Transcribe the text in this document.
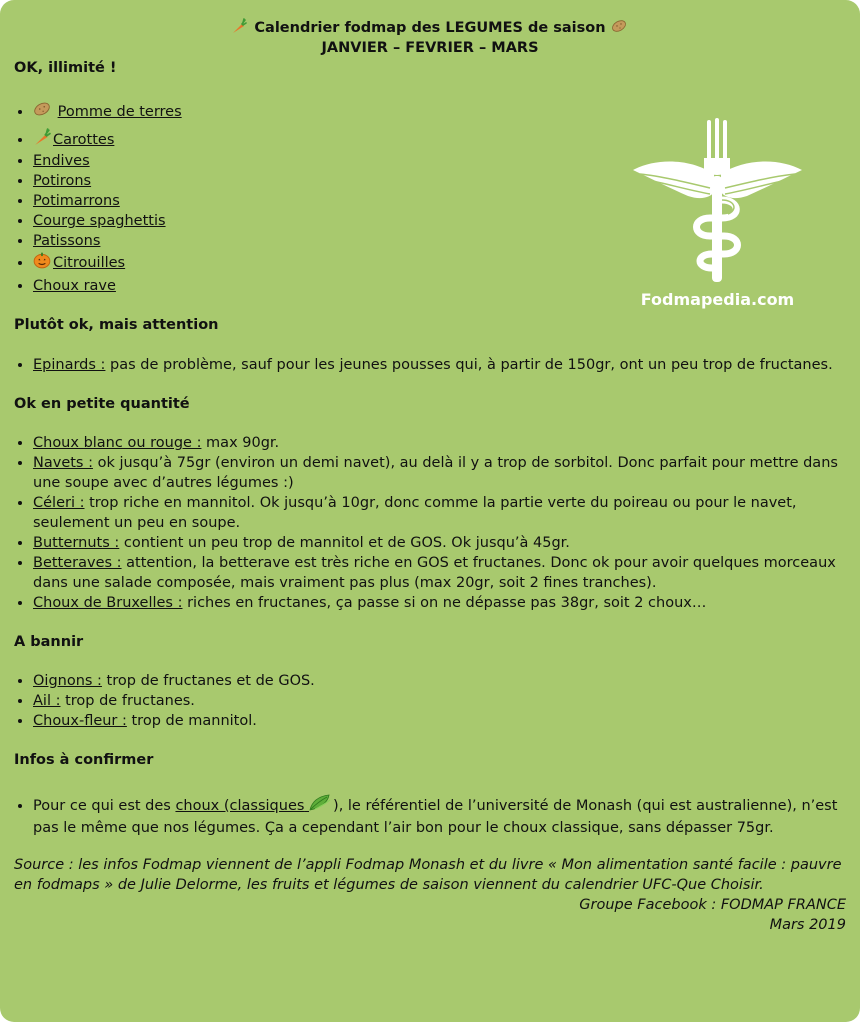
Calendrier fodmap des LEGUMES de saison
JANVIER – FEVRIER – MARS
OK, illimité !
• Pomme de terres
• Carottes
• Endives
• Potirons
• Potimarrons
• Courge spaghettis
• Patissons
• Citrouilles
• Choux rave
Plutôt ok, mais attention
• Epinards : pas de problème, sauf pour les jeunes pousses qui, à partir de 150gr, ont un peu trop de fructanes.
Ok en petite quantité
• Choux blanc ou rouge : max 90gr.
• Navets : ok jusqu’à 75gr (environ un demi navet), au delà il y a trop de sorbitol. Donc parfait pour mettre dans une soupe avec d’autres légumes :)
• Céleri : trop riche en mannitol. Ok jusqu’à 10gr, donc comme la partie verte du poireau ou pour le navet, seulement un peu en soupe.
• Butternuts : contient un peu trop de mannitol et de GOS. Ok jusqu’à 45gr.
• Betteraves : attention, la betterave est très riche en GOS et fructanes. Donc ok pour avoir quelques morceaux dans une salade composée, mais vraiment pas plus (max 20gr, soit 2 fines tranches).
• Choux de Bruxelles : riches en fructanes, ça passe si on ne dépasse pas 38gr, soit 2 choux…
A bannir
• Oignons : trop de fructanes et de GOS.
• Ail : trop de fructanes.
• Choux-fleur : trop de mannitol.
Infos à confirmer
• Pour ce qui est des choux (classiques ), le référentiel de l’université de Monash (qui est australienne), n’est pas le même que nos légumes. Ça a cependant l’air bon pour le choux classique, sans dépasser 75gr.

Source : les infos Fodmap viennent de l’appli Fodmap Monash et du livre « Mon alimentation santé facile : pauvre en fodmaps » de Julie Delorme, les fruits et légumes de saison viennent du calendrier UFC-Que Choisir.

Groupe Facebook : FODMAP FRANCE

Mars 2019

Fodmapedia.com
